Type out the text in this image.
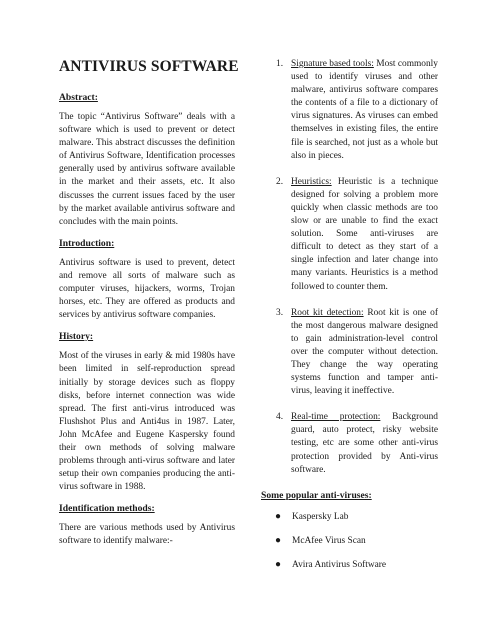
ANTIVIRUS SOFTWARE
Abstract:
The topic “Antivirus Software” deals with a software which is used to prevent or detect malware. This abstract discusses the definition of Antivirus Software, Identification processes generally used by antivirus software available in the market and their assets, etc. It also discusses the current issues faced by the user by the market available antivirus software and concludes with the main points.
Introduction:
Antivirus software is used to prevent, detect and remove all sorts of malware such as computer viruses, hijackers, worms, Trojan horses, etc. They are offered as products and services by antivirus software companies.
History:
Most of the viruses in early & mid 1980s have been limited in self-reproduction spread initially by storage devices such as floppy disks, before internet connection was wide spread. The first anti-virus introduced was Flushshot Plus and Anti4us in 1987. Later, John McAfee and Eugene Kaspersky found their own methods of solving malware problems through anti-virus software and later setup their own companies producing the anti-virus software in 1988.
Identification methods:
There are various methods used by Antivirus software to identify malware:-
1. Signature based tools: Most commonly used to identify viruses and other malware, antivirus software compares the contents of a file to a dictionary of virus signatures. As viruses can embed themselves in existing files, the entire file is searched, not just as a whole but also in pieces.
2. Heuristics: Heuristic is a technique designed for solving a problem more quickly when classic methods are too slow or are unable to find the exact solution. Some anti-viruses are difficult to detect as they start of a single infection and later change into many variants. Heuristics is a method followed to counter them.
3. Root kit detection: Root kit is one of the most dangerous malware designed to gain administration-level control over the computer without detection. They change the way operating systems function and tamper anti-virus, leaving it ineffective.
4. Real-time protection: Background guard, auto protect, risky website testing, etc are some other anti-virus protection provided by Anti-virus software.
Some popular anti-viruses:
● Kaspersky Lab
● McAfee Virus Scan
● Avira Antivirus Software
